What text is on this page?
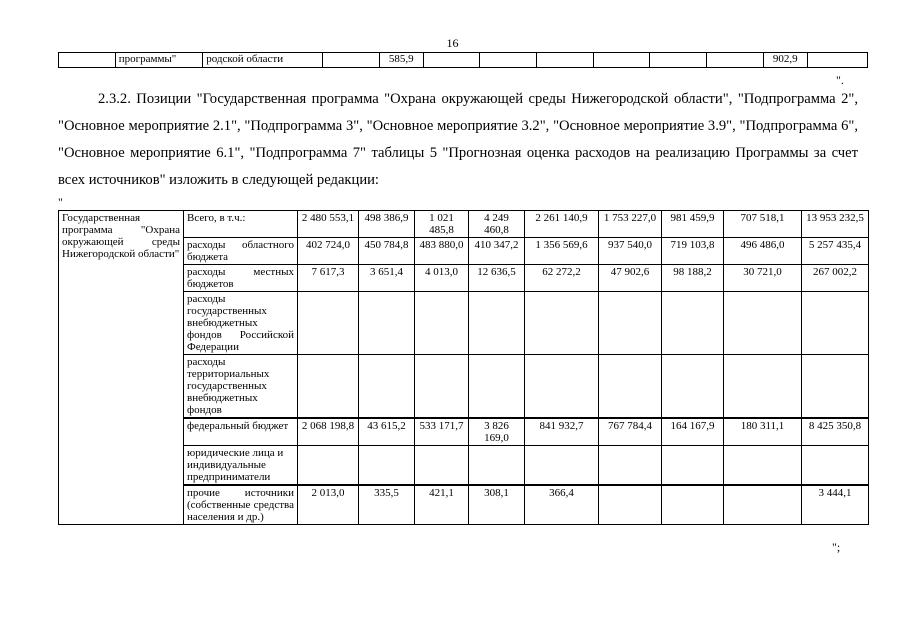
16
	программы"	родской области		585,9							902,9	
".
2.3.2. Позиции "Государственная программа "Охрана окружающей среды Нижегородской области", "Подпрограмма 2", "Основное мероприятие 2.1", "Подпрограмма 3", "Основное мероприятие 3.2", "Основное мероприятие 3.9", "Подпрограмма 6", "Основное мероприятие 6.1", "Подпрограмма 7" таблицы 5 "Прогнозная оценка расходов на реализацию Программы за счет всех источников" изложить в следующей редакции:
"
Государственная программа "Охрана окружающей среды Нижегородской области"	Всего, в т.ч.:	2 480 553,1	498 386,9	1 021 485,8	4 249 460,8	2 261 140,9	1 753 227,0	981 459,9	707 518,1	13 953 232,5
	расходы областного бюджета	402 724,0	450 784,8	483 880,0	410 347,2	1 356 569,6	937 540,0	719 103,8	496 486,0	5 257 435,4
	расходы местных бюджетов	7 617,3	3 651,4	4 013,0	12 636,5	62 272,2	47 902,6	98 188,2	30 721,0	267 002,2
	расходы государственных внебюджетных фондов Российской Федерации									
	расходы территориальных государственных внебюджетных фондов									
	федеральный бюджет	2 068 198,8	43 615,2	533 171,7	3 826 169,0	841 932,7	767 784,4	164 167,9	180 311,1	8 425 350,8
	юридические лица и индивидуальные предприниматели									
	прочие источники (собственные средства населения и др.)	2 013,0	335,5	421,1	308,1	366,4				3 444,1
";
